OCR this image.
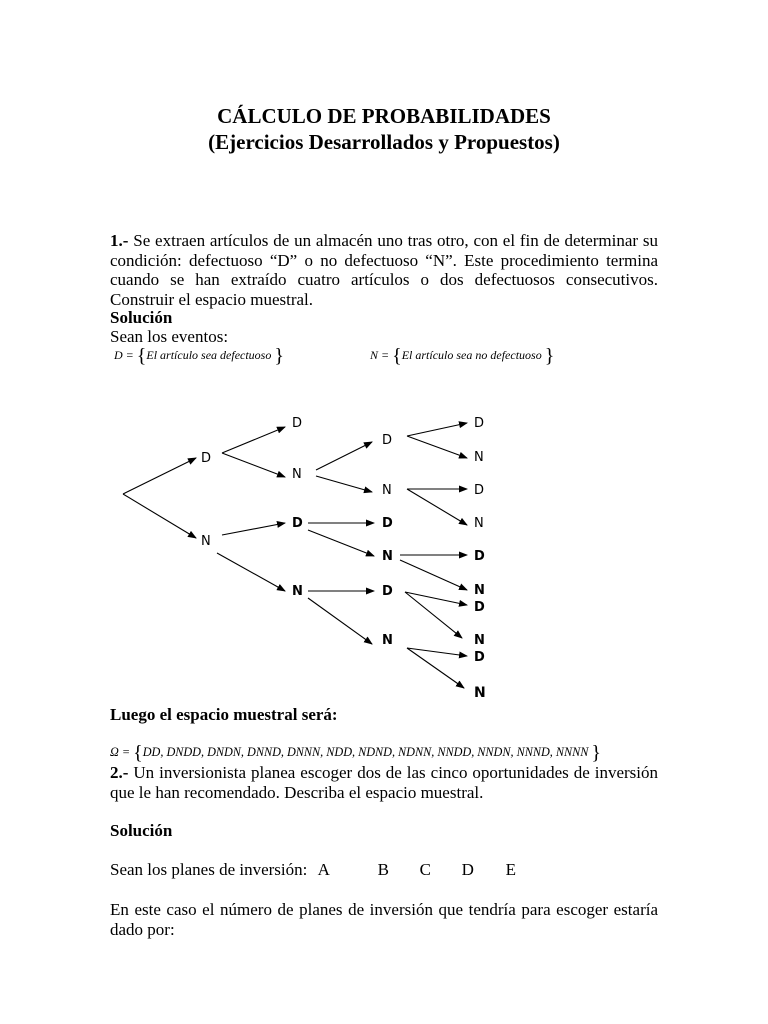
CÁLCULO DE PROBABILIDADES
(Ejercicios Desarrollados y Propuestos)
1.- Se extraen artículos de un almacén uno tras otro, con el fin de determinar su condición: defectuoso “D” o no defectuoso “N”. Este procedimiento termina cuando se han extraído cuatro artículos o dos defectuosos consecutivos. Construir el espacio muestral.
Solución
Sean los eventos:
D = {El artículo sea defectuoso }	N = {El artículo sea no defectuoso }
D
N
D
N
D
N
N
D
N
D
N
D
N
D
D
N
D
N
D
N
N
D
Luego el espacio muestral será:
Ω = {DD, DNDD, DNDN, DNND, DNNN, NDD, NDND, NDNN, NNDD, NNDN, NNND, NNNN }
2.- Un inversionista planea escoger dos de las cinco oportunidades de inversión que le han recomendado. Describa el espacio muestral.
Solución
Sean los planes de inversión: A	B C D E
En este caso el número de planes de inversión que tendría para escoger estaría dado por:
